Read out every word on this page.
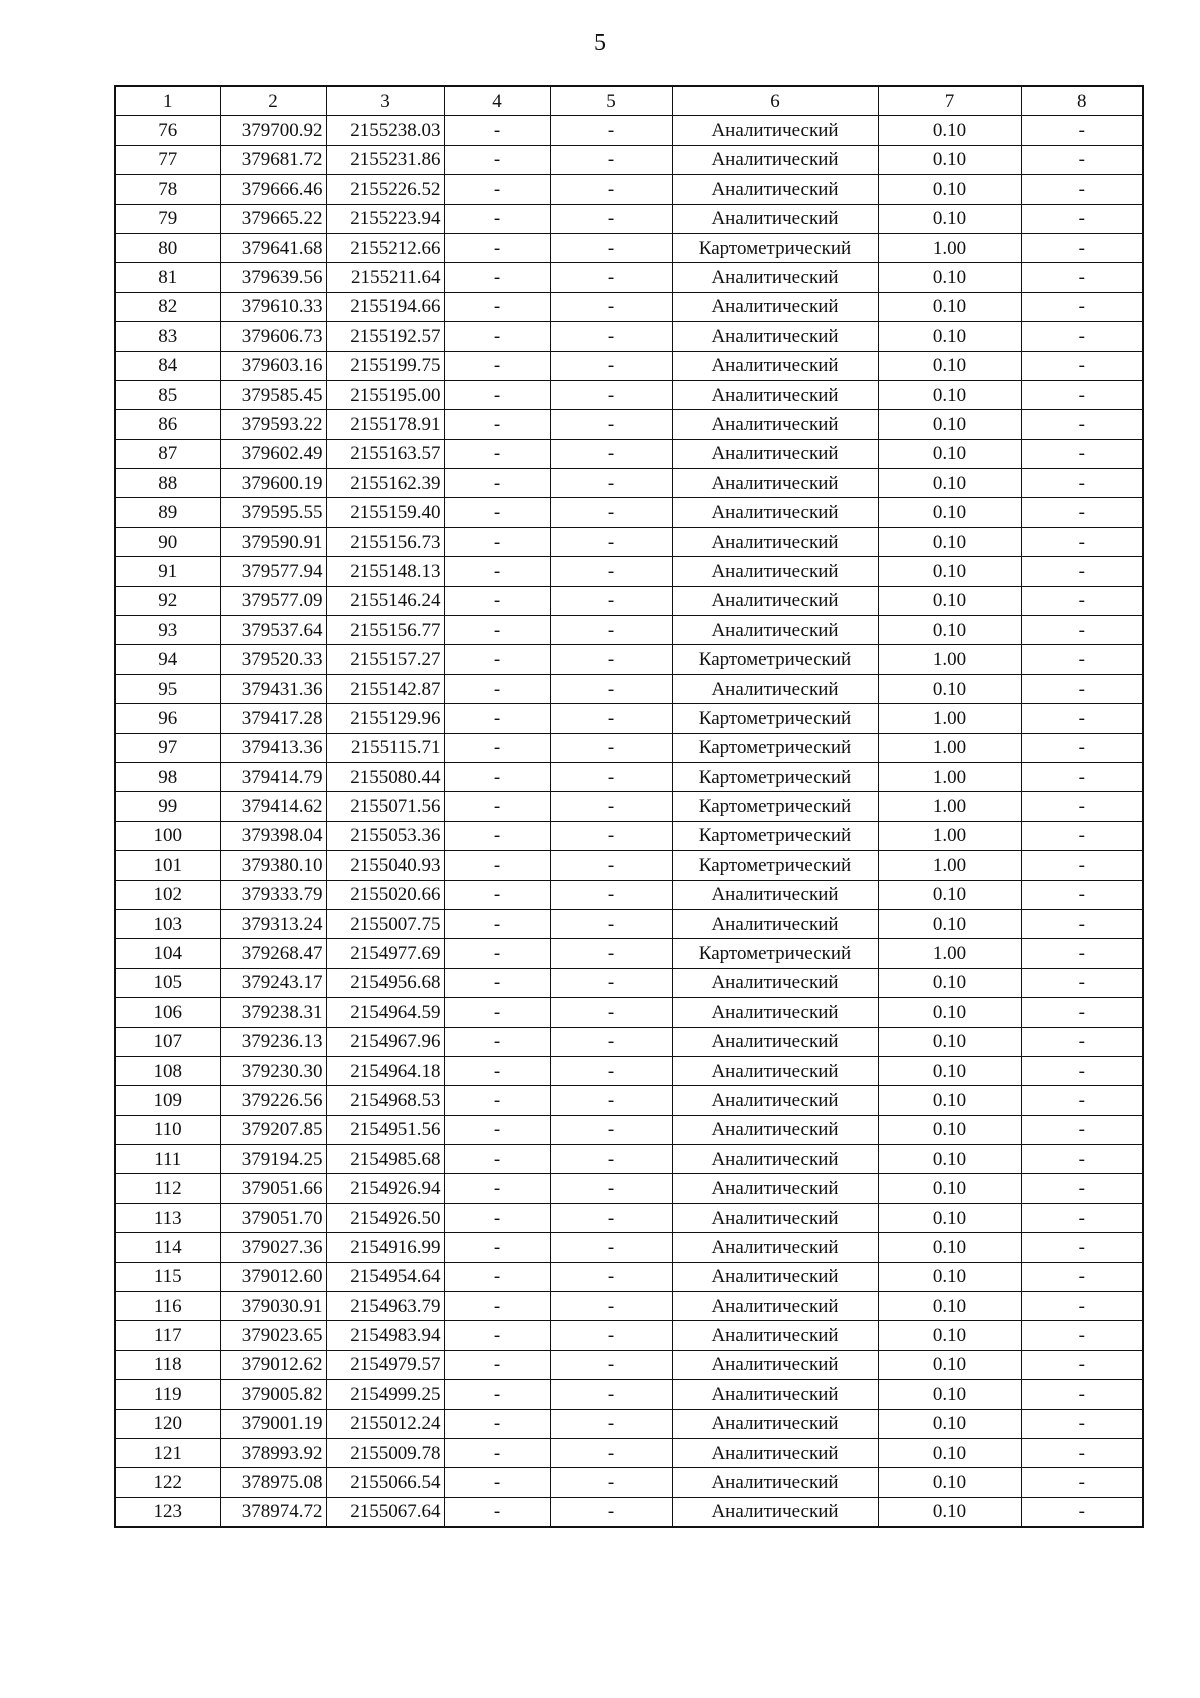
5
1	2	3	4	5	6	7	8
76	379700.92	2155238.03	-	-	Аналитический	0.10	-
77	379681.72	2155231.86	-	-	Аналитический	0.10	-
78	379666.46	2155226.52	-	-	Аналитический	0.10	-
79	379665.22	2155223.94	-	-	Аналитический	0.10	-
80	379641.68	2155212.66	-	-	Картометрический	1.00	-
81	379639.56	2155211.64	-	-	Аналитический	0.10	-
82	379610.33	2155194.66	-	-	Аналитический	0.10	-
83	379606.73	2155192.57	-	-	Аналитический	0.10	-
84	379603.16	2155199.75	-	-	Аналитический	0.10	-
85	379585.45	2155195.00	-	-	Аналитический	0.10	-
86	379593.22	2155178.91	-	-	Аналитический	0.10	-
87	379602.49	2155163.57	-	-	Аналитический	0.10	-
88	379600.19	2155162.39	-	-	Аналитический	0.10	-
89	379595.55	2155159.40	-	-	Аналитический	0.10	-
90	379590.91	2155156.73	-	-	Аналитический	0.10	-
91	379577.94	2155148.13	-	-	Аналитический	0.10	-
92	379577.09	2155146.24	-	-	Аналитический	0.10	-
93	379537.64	2155156.77	-	-	Аналитический	0.10	-
94	379520.33	2155157.27	-	-	Картометрический	1.00	-
95	379431.36	2155142.87	-	-	Аналитический	0.10	-
96	379417.28	2155129.96	-	-	Картометрический	1.00	-
97	379413.36	2155115.71	-	-	Картометрический	1.00	-
98	379414.79	2155080.44	-	-	Картометрический	1.00	-
99	379414.62	2155071.56	-	-	Картометрический	1.00	-
100	379398.04	2155053.36	-	-	Картометрический	1.00	-
101	379380.10	2155040.93	-	-	Картометрический	1.00	-
102	379333.79	2155020.66	-	-	Аналитический	0.10	-
103	379313.24	2155007.75	-	-	Аналитический	0.10	-
104	379268.47	2154977.69	-	-	Картометрический	1.00	-
105	379243.17	2154956.68	-	-	Аналитический	0.10	-
106	379238.31	2154964.59	-	-	Аналитический	0.10	-
107	379236.13	2154967.96	-	-	Аналитический	0.10	-
108	379230.30	2154964.18	-	-	Аналитический	0.10	-
109	379226.56	2154968.53	-	-	Аналитический	0.10	-
110	379207.85	2154951.56	-	-	Аналитический	0.10	-
111	379194.25	2154985.68	-	-	Аналитический	0.10	-
112	379051.66	2154926.94	-	-	Аналитический	0.10	-
113	379051.70	2154926.50	-	-	Аналитический	0.10	-
114	379027.36	2154916.99	-	-	Аналитический	0.10	-
115	379012.60	2154954.64	-	-	Аналитический	0.10	-
116	379030.91	2154963.79	-	-	Аналитический	0.10	-
117	379023.65	2154983.94	-	-	Аналитический	0.10	-
118	379012.62	2154979.57	-	-	Аналитический	0.10	-
119	379005.82	2154999.25	-	-	Аналитический	0.10	-
120	379001.19	2155012.24	-	-	Аналитический	0.10	-
121	378993.92	2155009.78	-	-	Аналитический	0.10	-
122	378975.08	2155066.54	-	-	Аналитический	0.10	-
123	378974.72	2155067.64	-	-	Аналитический	0.10	-
